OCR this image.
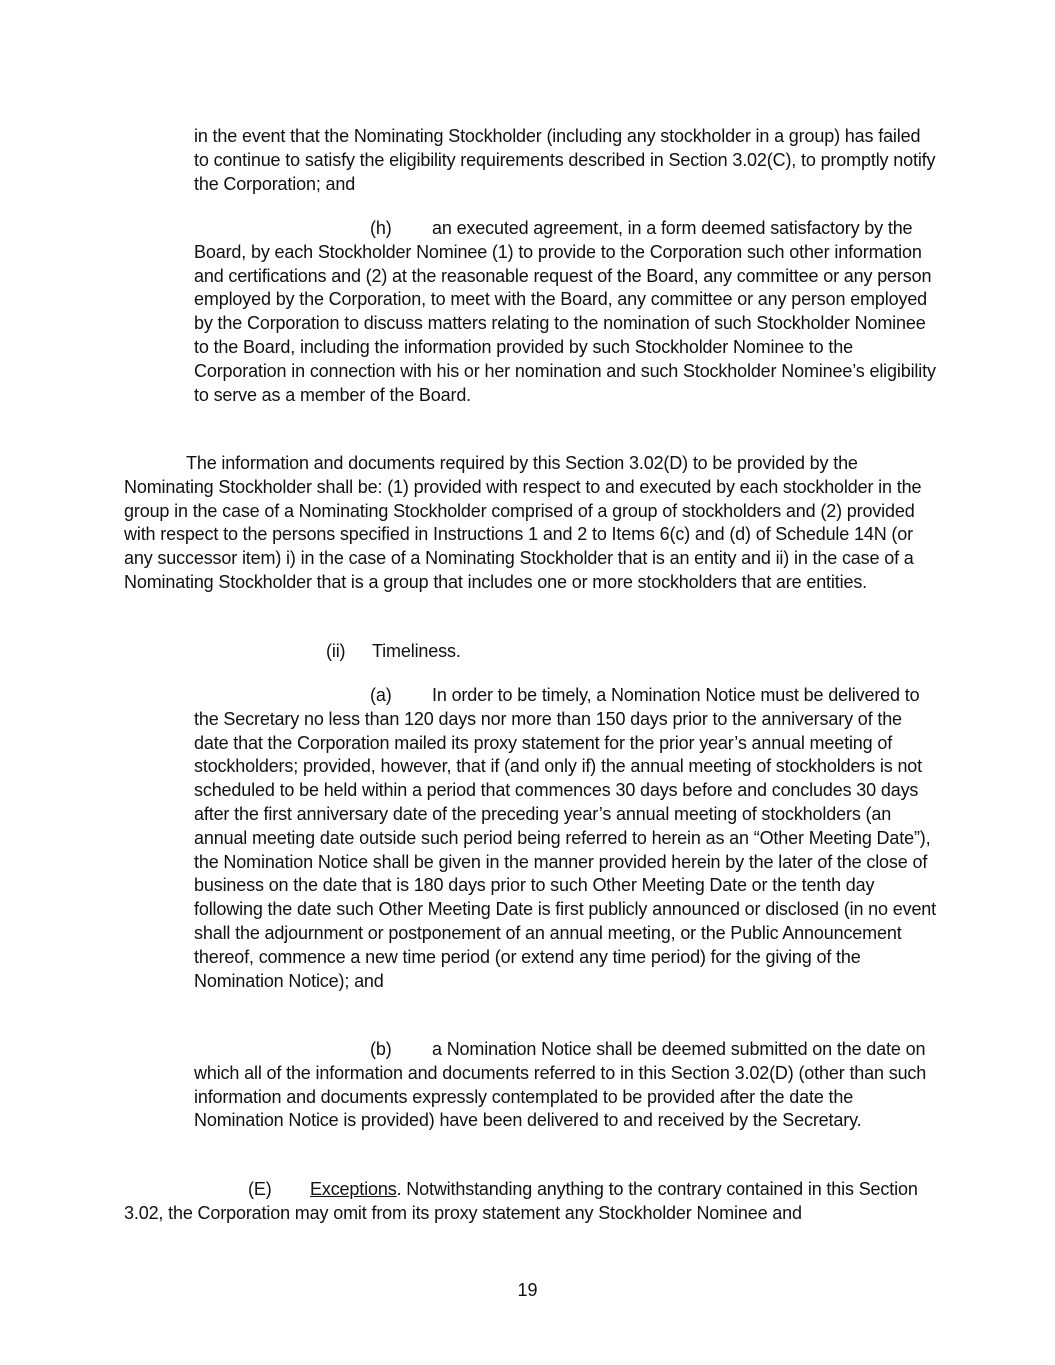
in the event that the Nominating Stockholder (including any stockholder in a group) has failed to continue to satisfy the eligibility requirements described in Section 3.02(C), to promptly notify the Corporation; and

(h) an executed agreement, in a form deemed satisfactory by the Board, by each Stockholder Nominee (1) to provide to the Corporation such other information and certifications and (2) at the reasonable request of the Board, any committee or any person employed by the Corporation, to meet with the Board, any committee or any person employed by the Corporation to discuss matters relating to the nomination of such Stockholder Nominee to the Board, including the information provided by such Stockholder Nominee to the Corporation in connection with his or her nomination and such Stockholder Nominee’s eligibility to serve as a member of the Board.

The information and documents required by this Section 3.02(D) to be provided by the Nominating Stockholder shall be: (1) provided with respect to and executed by each stockholder in the group in the case of a Nominating Stockholder comprised of a group of stockholders and (2) provided with respect to the persons specified in Instructions 1 and 2 to Items 6(c) and (d) of Schedule 14N (or any successor item) i) in the case of a Nominating Stockholder that is an entity and ii) in the case of a Nominating Stockholder that is a group that includes one or more stockholders that are entities.

(ii) Timeliness.

(a) In order to be timely, a Nomination Notice must be delivered to the Secretary no less than 120 days nor more than 150 days prior to the anniversary of the date that the Corporation mailed its proxy statement for the prior year’s annual meeting of stockholders; provided, however, that if (and only if) the annual meeting of stockholders is not scheduled to be held within a period that commences 30 days before and concludes 30 days after the first anniversary date of the preceding year’s annual meeting of stockholders (an annual meeting date outside such period being referred to herein as an “Other Meeting Date”), the Nomination Notice shall be given in the manner provided herein by the later of the close of business on the date that is 180 days prior to such Other Meeting Date or the tenth day following the date such Other Meeting Date is first publicly announced or disclosed (in no event shall the adjournment or postponement of an annual meeting, or the Public Announcement thereof, commence a new time period (or extend any time period) for the giving of the Nomination Notice); and

(b) a Nomination Notice shall be deemed submitted on the date on which all of the information and documents referred to in this Section 3.02(D) (other than such information and documents expressly contemplated to be provided after the date the Nomination Notice is provided) have been delivered to and received by the Secretary.

(E) Exceptions. Notwithstanding anything to the contrary contained in this Section 3.02, the Corporation may omit from its proxy statement any Stockholder Nominee and

19
